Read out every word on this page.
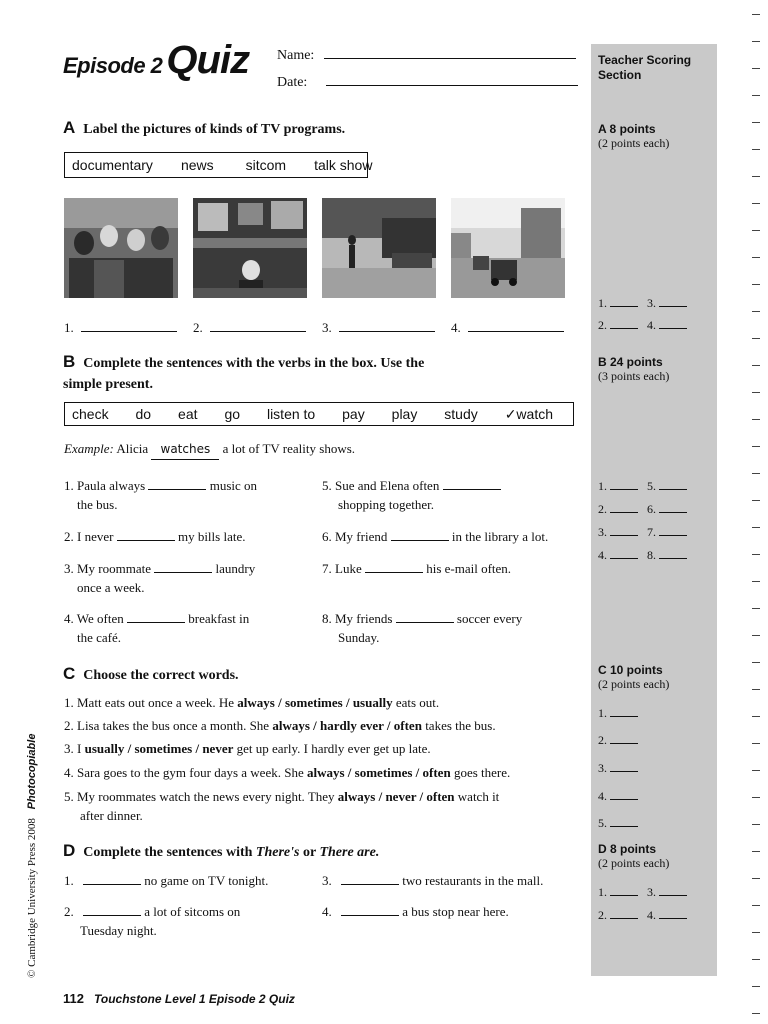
Episode 2 Quiz Name:
Date:
Teacher Scoring
Section
A 8 points
(2 points each)
1.	3.
2.	4.
B 24 points
(3 points each)
1.	5.
2.	6.
3.	7.
4.	8.
C 10 points
(2 points each)
1.
2.
3.
4.
5.
D 8 points
(2 points each)
1.	3.
2.	4.
A Label the pictures of kinds of TV programs.
documentary news sitcom talk show
1.	2.	3.	4.
B Complete the sentences with the verbs in the box. Use the
simple present.
check do eat go listen to pay play study ✓watch
Example: Alicia watches a lot of TV reality shows.
1. Paula always	music on
the bus.
2. I never	my bills late.
3. My roommate	laundry
once a week.
4. We often	breakfast in
the café.
5. Sue and Elena often
shopping together.
6. My friend	in the library a lot.
7. Luke	his e-mail often.
8. My friends	soccer every
Sunday.
C Choose the correct words.
1. Matt eats out once a week. He always / sometimes / usually eats out.
2. Lisa takes the bus once a month. She always / hardly ever / often takes the bus.
3. I usually / sometimes / never get up early. I hardly ever get up late.
4. Sara goes to the gym four days a week. She always / sometimes / often goes there.
5. My roommates watch the news every night. They always / never / often watch it
after dinner.
D Complete the sentences with There's or There are.
1.	no game on TV tonight.
2.	a lot of sitcoms on
Tuesday night.
3.	two restaurants in the mall.
4.	a bus stop near here.
© Cambridge University Press 2008 Photocopiable
112 Touchstone Level 1 Episode 2 Quiz
